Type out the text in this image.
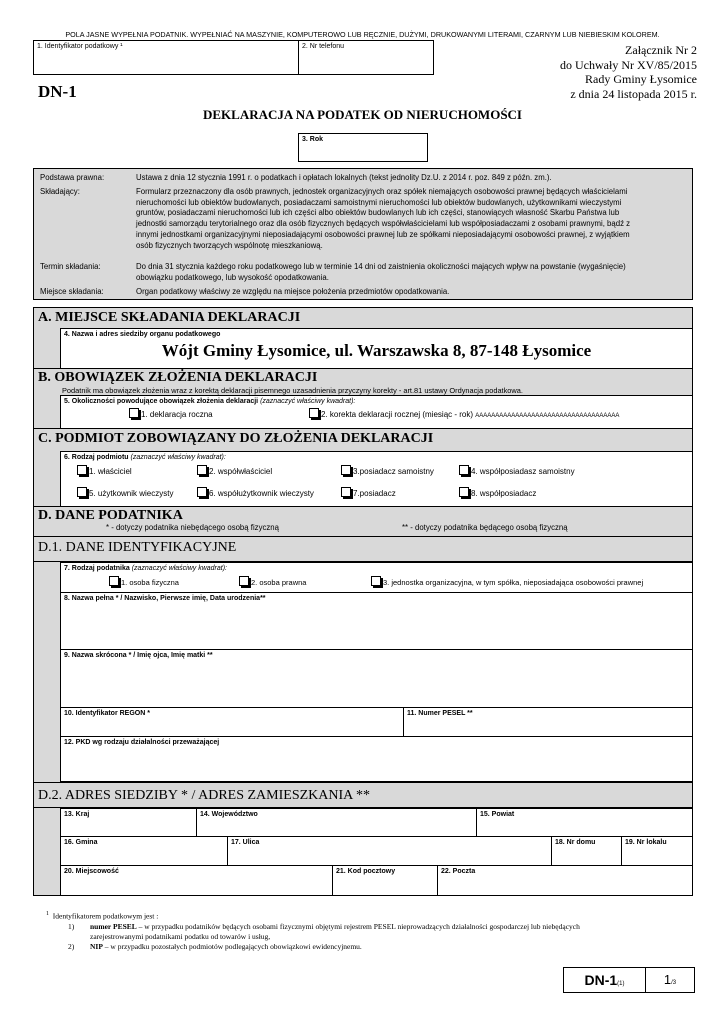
POLA JASNE WYPEŁNIA PODATNIK. WYPEŁNIAĆ NA MASZYNIE, KOMPUTEROWO LUB RĘCZNIE, DUŻYMI, DRUKOWANYMI LITERAMI, CZARNYM LUB NIEBIESKIM KOLOREM.
1. Identyfikator podatkowy ¹	2. Nr telefonu	Załącznik Nr 2
do Uchwały Nr XV/85/2015
Rady Gminy Łysomice
z dnia 24 listopada 2015 r.
DN-1
DEKLARACJA NA PODATEK OD NIERUCHOMOŚCI
3. Rok
Podstawa prawna:	Ustawa z dnia 12 stycznia 1991 r. o podatkach i opłatach lokalnych (tekst jednolity Dz.U. z 2014 r. poz. 849 z późn. zm.).
Składający:	Formularz przeznaczony dla osób prawnych, jednostek organizacyjnych oraz spółek niemających osobowości prawnej będących właścicielami
nieruchomości lub obiektów budowlanych, posiadaczami samoistnymi nieruchomości lub obiektów budowlanych, użytkownikami wieczystymi
gruntów, posiadaczami nieruchomości lub ich części albo obiektów budowlanych lub ich części, stanowiących własność Skarbu Państwa lub
jednostki samorządu terytorialnego oraz dla osób fizycznych będących współwłaścicielami lub współposiadaczami z osobami prawnymi, bądź z
innymi jednostkami organizacyjnymi nieposiadającymi osobowości prawnej lub ze spółkami nieposiadającymi osobowości prawnej, z wyjątkiem
osób fizycznych tworzących wspólnotę mieszkaniową.
Termin składania:	Do dnia 31 stycznia każdego roku podatkowego lub w terminie 14 dni od zaistnienia okoliczności mających wpływ na powstanie (wygaśnięcie)
obowiązku podatkowego, lub wysokość opodatkowania.
Miejsce składania:	Organ podatkowy właściwy ze względu na miejsce położenia przedmiotów opodatkowania.
A. MIEJSCE SKŁADANIA DEKLARACJI
4. Nazwa i adres siedziby organu podatkowego
Wójt Gminy Łysomice, ul. Warszawska 8, 87-148 Łysomice
B. OBOWIĄZEK ZŁOŻENIA DEKLARACJI
Podatnik ma obowiązek złożenia wraz z korektą deklaracji pisemnego uzasadnienia przyczyny korekty - art.81 ustawy Ordynacja podatkowa.
5. Okoliczności powodujące obowiązek złożenia deklaracji (zaznaczyć właściwy kwadrat):
1. deklaracja roczna	2. korekta deklaracji rocznej (miesiąc - rok) AAAAAAAAAAAAAAAAAAAAAAAAAAAAAAAAAAAA
C. PODMIOT ZOBOWIĄZANY DO ZŁOŻENIA DEKLARACJI
6. Rodzaj podmiotu (zaznaczyć właściwy kwadrat):
1. właściciel	2. współwłaściciel	3.posiadacz samoistny	4. współposiadasz samoistny
5. użytkownik wieczysty	6. współużytkownik wieczysty	7.posiadacz	8. współposiadacz
D. DANE PODATNIKA
* - dotyczy podatnika niebędącego osobą fizyczną	** - dotyczy podatnika będącego osobą fizyczną
D.1. DANE IDENTYFIKACYJNE
7. Rodzaj podatnika (zaznaczyć właściwy kwadrat):
1. osoba fizyczna	2. osoba prawna	3. jednostka organizacyjna, w tym spółka, nieposiadająca osobowości prawnej
8. Nazwa pełna * / Nazwisko, Pierwsze imię, Data urodzenia**
9. Nazwa skrócona * / Imię ojca, Imię matki **
10. Identyfikator REGON *	11. Numer PESEL **
12. PKD wg rodzaju działalności przeważającej
D.2. ADRES SIEDZIBY * / ADRES ZAMIESZKANIA **
13. Kraj	14. Województwo	15. Powiat
16. Gmina	17. Ulica	18. Nr domu	19. Nr lokalu
20. Miejscowość	21. Kod pocztowy	22. Poczta
$^1$ Identyfikatorem podatkowym jest :
1) numer PESEL – w przypadku podatników będących osobami fizycznymi objętymi rejestrem PESEL nieprowadzących działalności gospodarczej lub niebędących
zarejestrowanymi podatnikami podatku od towarów i usług,
2) NIP – w przypadku pozostałych podmiotów podlegających obowiązkowi ewidencyjnemu.
DN-1(1)	1/3
